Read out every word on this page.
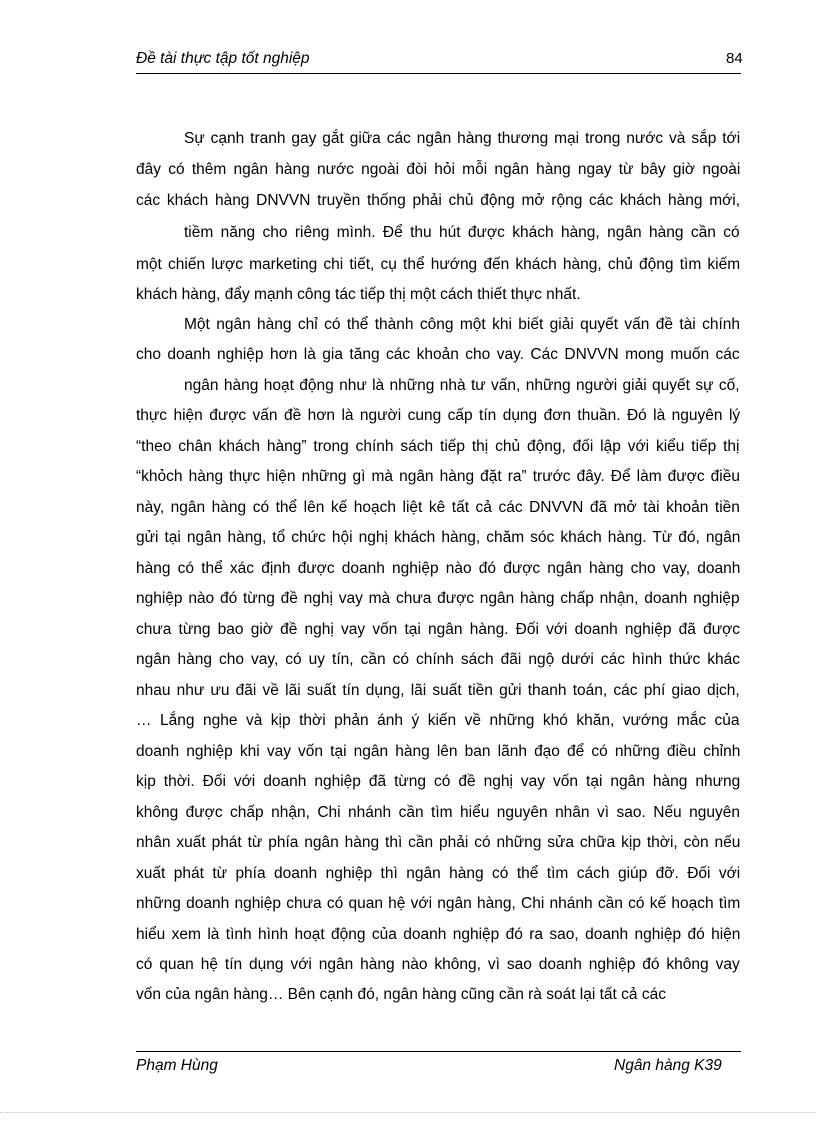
Đề tài thực tập tốt nghiệp	84
Sự cạnh tranh gay gắt giữa các ngân hàng thương mại trong nước và sắp tới
đây có thêm ngân hàng nước ngoài đòi hỏi mỗi ngân hàng ngay từ bây giờ ngoài
các khách hàng DNVVN truyền thống phải chủ động mở rộng các khách hàng mới,
tiềm năng cho riêng mình. Để thu hút được khách hàng, ngân hàng cần có
một chiến lược marketing chi tiết, cụ thể hướng đến khách hàng, chủ động tìm kiếm
khách hàng, đẩy mạnh công tác tiếp thị một cách thiết thực nhất.
Một ngân hàng chỉ có thể thành công một khi biết giải quyết vấn đề tài chính
cho doanh nghiệp hơn là gia tăng các khoản cho vay. Các DNVVN mong muốn các
ngân hàng hoạt động như là những nhà tư vấn, những người giải quyết sự cố,
thực hiện được vấn đề hơn là người cung cấp tín dụng đơn thuần. Đó là nguyên lý
“theo chân khách hàng” trong chính sách tiếp thị chủ động, đối lập với kiểu tiếp thị
“khỏch hàng thực hiện những gì mà ngân hàng đặt ra” trước đây. Để làm được điều
này, ngân hàng có thể lên kế hoạch liệt kê tất cả các DNVVN đã mở tài khoản tiền
gửi tại ngân hàng, tổ chức hội nghị khách hàng, chăm sóc khách hàng. Từ đó, ngân
hàng có thể xác định được doanh nghiệp nào đó được ngân hàng cho vay, doanh
nghiệp nào đó từng đề nghị vay mà chưa được ngân hàng chấp nhận, doanh nghiệp
chưa từng bao giờ đề nghị vay vốn tại ngân hàng. Đối với doanh nghiệp đã được
ngân hàng cho vay, có uy tín, cần có chính sách đãi ngộ dưới các hình thức khác
nhau như ưu đãi về lãi suất tín dụng, lãi suất tiền gửi thanh toán, các phí giao dịch,
… Lắng nghe và kịp thời phản ánh ý kiến về những khó khăn, vướng mắc của
doanh nghiệp khi vay vốn tại ngân hàng lên ban lãnh đạo để có những điều chỉnh
kịp thời. Đối với doanh nghiệp đã từng có đề nghị vay vốn tại ngân hàng nhưng
không được chấp nhận, Chi nhánh cần tìm hiểu nguyên nhân vì sao. Nếu nguyên
nhân xuất phát từ phía ngân hàng thì cần phải có những sửa chữa kịp thời, còn nếu
xuất phát từ phía doanh nghiệp thì ngân hàng có thể tìm cách giúp đỡ. Đối với
những doanh nghiệp chưa có quan hệ với ngân hàng, Chi nhánh cần có kế hoạch tìm
hiểu xem là tình hình hoạt động của doanh nghiệp đó ra sao, doanh nghiệp đó hiện
có quan hệ tín dụng với ngân hàng nào không, vì sao doanh nghiệp đó không vay
vốn của ngân hàng… Bên cạnh đó, ngân hàng cũng cần rà soát lại tất cả các
Phạm Hùng	Ngân hàng K39
